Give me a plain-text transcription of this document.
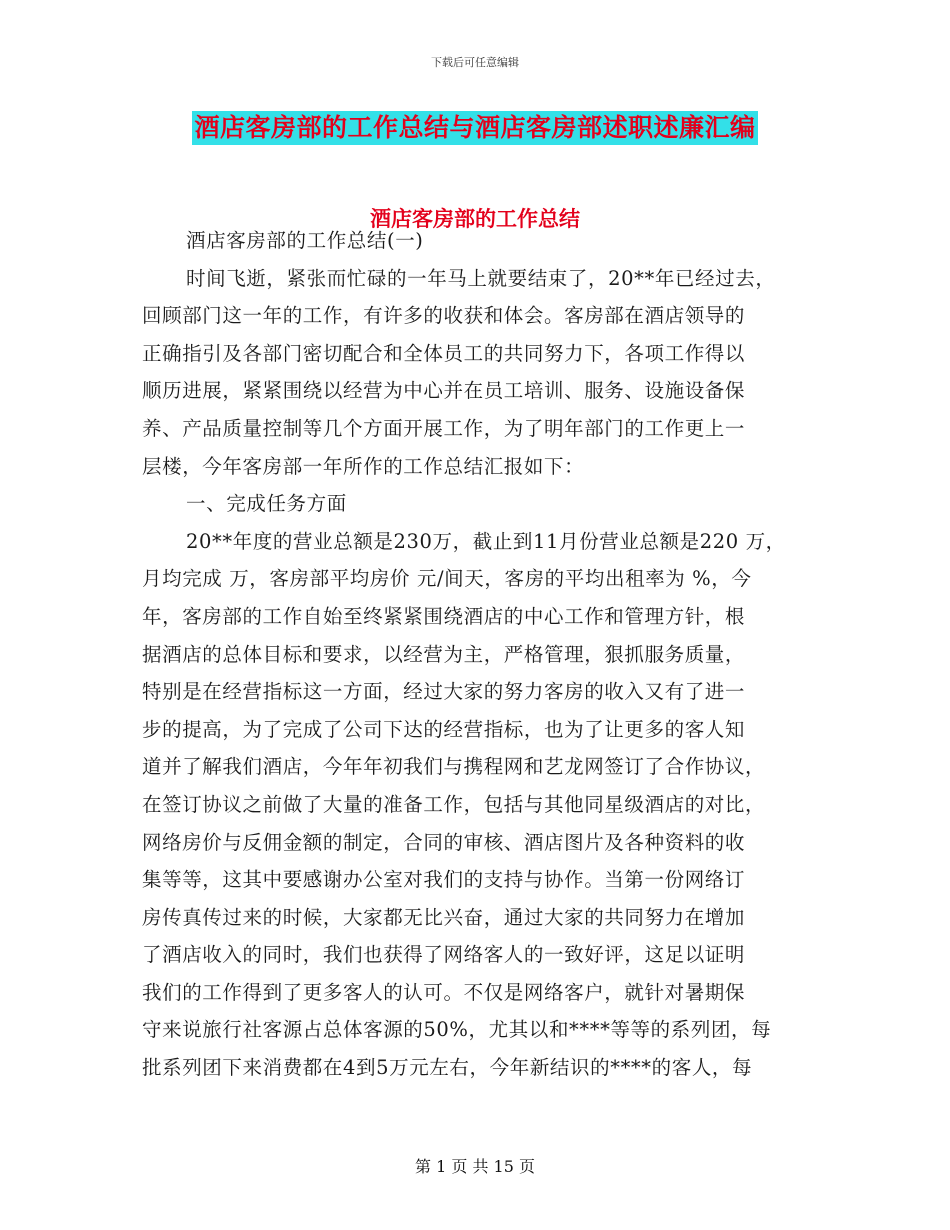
下载后可任意编辑
酒店客房部的工作总结与酒店客房部述职述廉汇编
酒店客房部的工作总结
酒店客房部的工作总结(一)
时间飞逝，紧张而忙碌的一年马上就要结束了，20**年已经过去，
回顾部门这一年的工作，有许多的收获和体会。客房部在酒店领导的
正确指引及各部门密切配合和全体员工的共同努力下，各项工作得以
顺历进展，紧紧围绕以经营为中心并在员工培训、服务、设施设备保
养、产品质量控制等几个方面开展工作，为了明年部门的工作更上一
层楼，今年客房部一年所作的工作总结汇报如下：
一、完成任务方面
20**年度的营业总额是230万，截止到11月份营业总额是220 万，
月均完成 万，客房部平均房价 元/间天，客房的平均出租率为 %，今
年，客房部的工作自始至终紧紧围绕酒店的中心工作和管理方针，根
据酒店的总体目标和要求，以经营为主，严格管理，狠抓服务质量，
特别是在经营指标这一方面，经过大家的努力客房的收入又有了进一
步的提高，为了完成了公司下达的经营指标，也为了让更多的客人知
道并了解我们酒店，今年年初我们与携程网和艺龙网签订了合作协议，
在签订协议之前做了大量的准备工作，包括与其他同星级酒店的对比，
网络房价与反佣金额的制定，合同的审核、酒店图片及各种资料的收
集等等，这其中要感谢办公室对我们的支持与协作。当第一份网络订
房传真传过来的时候，大家都无比兴奋，通过大家的共同努力在增加
了酒店收入的同时，我们也获得了网络客人的一致好评，这足以证明
我们的工作得到了更多客人的认可。不仅是网络客户，就针对暑期保
守来说旅行社客源占总体客源的50%，尤其以和****等等的系列团，每
批系列团下来消费都在4到5万元左右，今年新结识的****的客人，每
第 1 页 共 15 页
